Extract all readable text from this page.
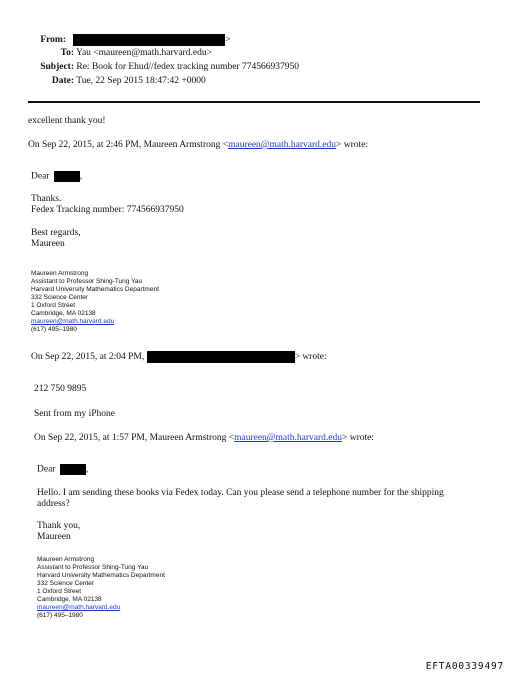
From:	>
To: Yau <maureen@math.harvard.edu>
Subject: Re: Book for Ehud//fedex tracking number 774566937950
Date: Tue, 22 Sep 2015 18:47:42 +0000
excellent thank you!
On Sep 22, 2015, at 2:46 PM, Maureen Armstrong <maureen@math.harvard.edu> wrote:
Dear	,
Thanks.
Fedex Tracking number: 774566937950
Best regards,
Maureen
Maureen Armstrong
Assistant to Professor Shing-Tung Yau
Harvard University Mathematics Department
332 Science Center
1 Oxford Street
Cambridge, MA 02138
maureen@math.harvard.edu
(617) 495–1980
On Sep 22, 2015, at 2:04 PM,	> wrote:
212 750 9895
Sent from my iPhone
On Sep 22, 2015, at 1:57 PM, Maureen Armstrong <maureen@math.harvard.edu> wrote:
Dear	,
Hello. I am sending these books via Fedex today. Can you please send a telephone number for the shipping
address?
Thank you,
Maureen
Maureen Armstrong
Assistant to Professor Shing-Tung Yau
Harvard University Mathematics Department
332 Science Center
1 Oxford Street
Cambridge, MA 02138
maureen@math.harvard.edu
(617) 495–1980
EFTA00339497
